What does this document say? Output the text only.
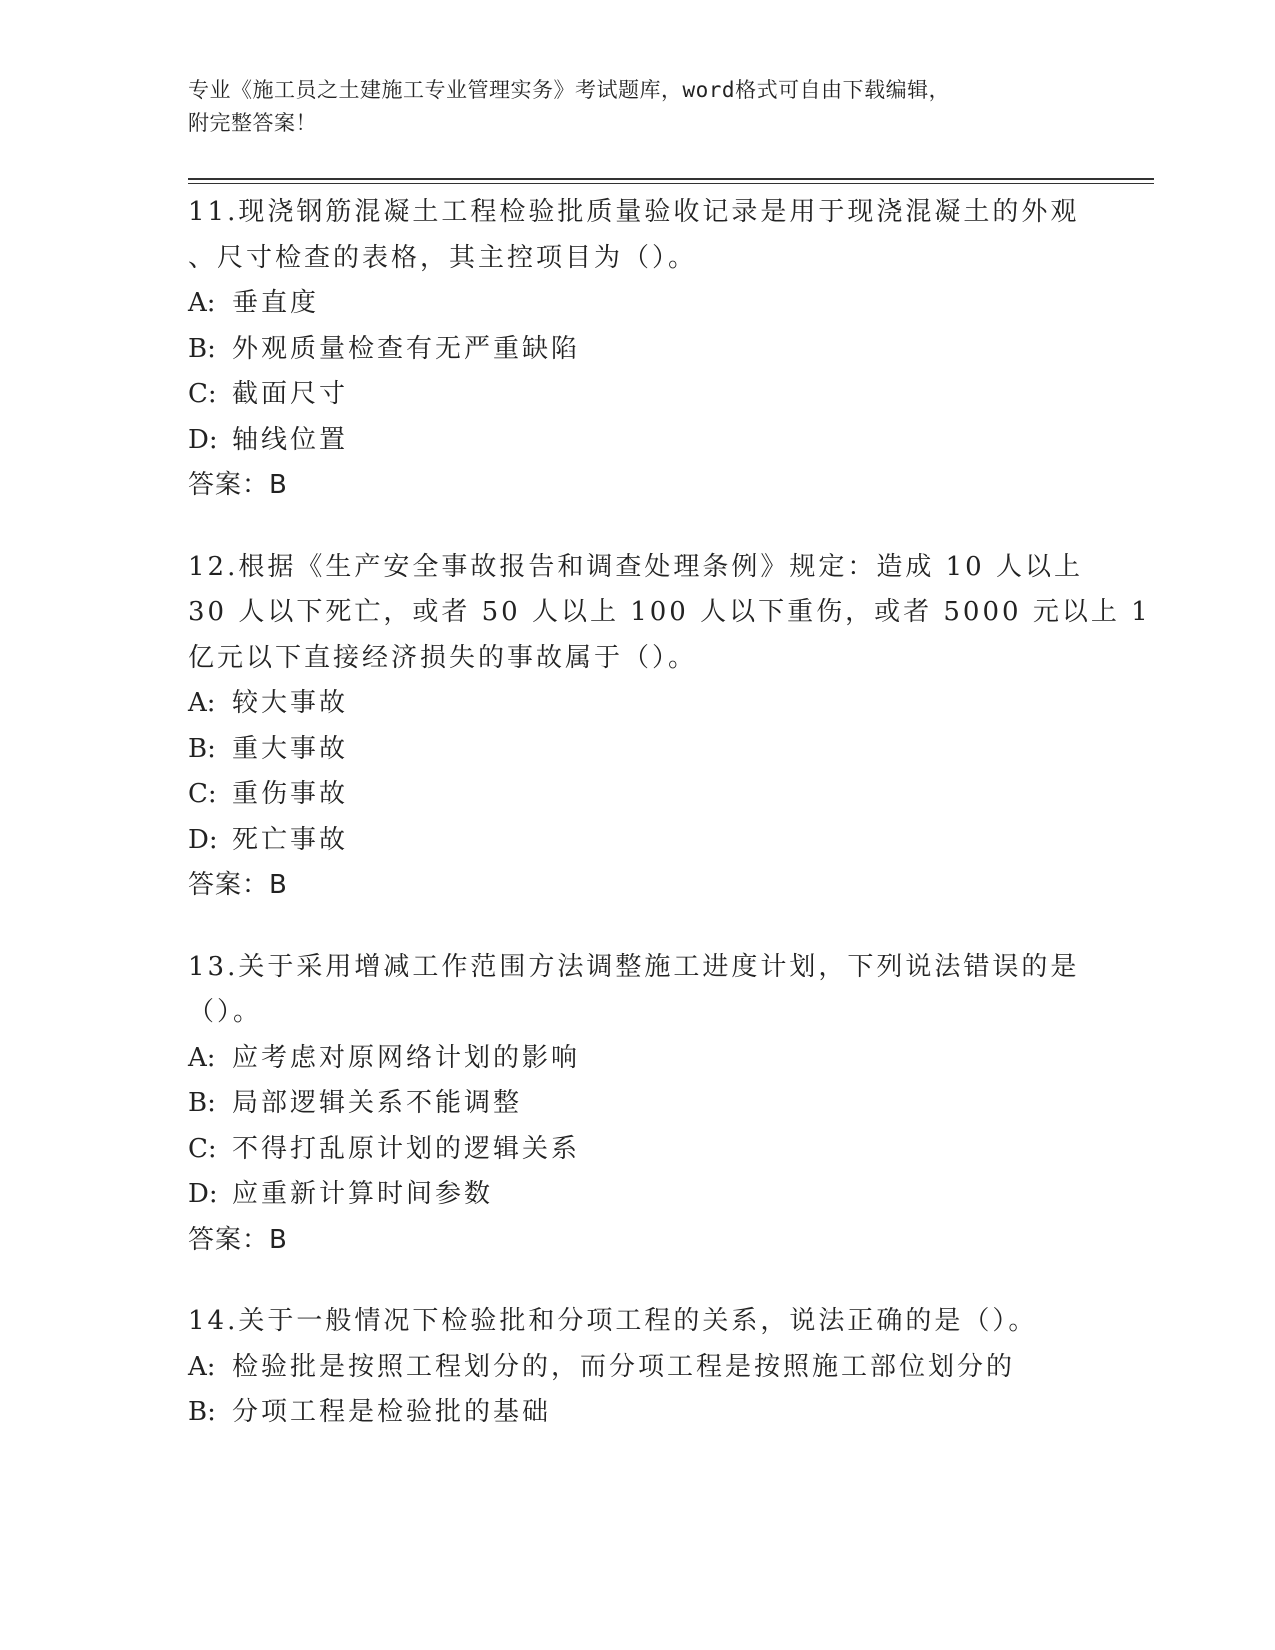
专业《施工员之土建施工专业管理实务》考试题库，word格式可自由下载编辑，
附完整答案！
11.现浇钢筋混凝土工程检验批质量验收记录是用于现浇混凝土的外观
、尺寸检查的表格，其主控项目为（）。
A: 垂直度
B: 外观质量检查有无严重缺陷
C: 截面尺寸
D: 轴线位置
答案：B
12.根据《生产安全事故报告和调查处理条例》规定：造成 10 人以上
30 人以下死亡，或者 50 人以上 100 人以下重伤，或者 5000 元以上 1
亿元以下直接经济损失的事故属于（）。
A: 较大事故
B: 重大事故
C: 重伤事故
D: 死亡事故
答案：B
13.关于采用增减工作范围方法调整施工进度计划，下列说法错误的是
（）。
A: 应考虑对原网络计划的影响
B: 局部逻辑关系不能调整
C: 不得打乱原计划的逻辑关系
D: 应重新计算时间参数
答案：B
14.关于一般情况下检验批和分项工程的关系，说法正确的是（）。
A: 检验批是按照工程划分的，而分项工程是按照施工部位划分的
B: 分项工程是检验批的基础
